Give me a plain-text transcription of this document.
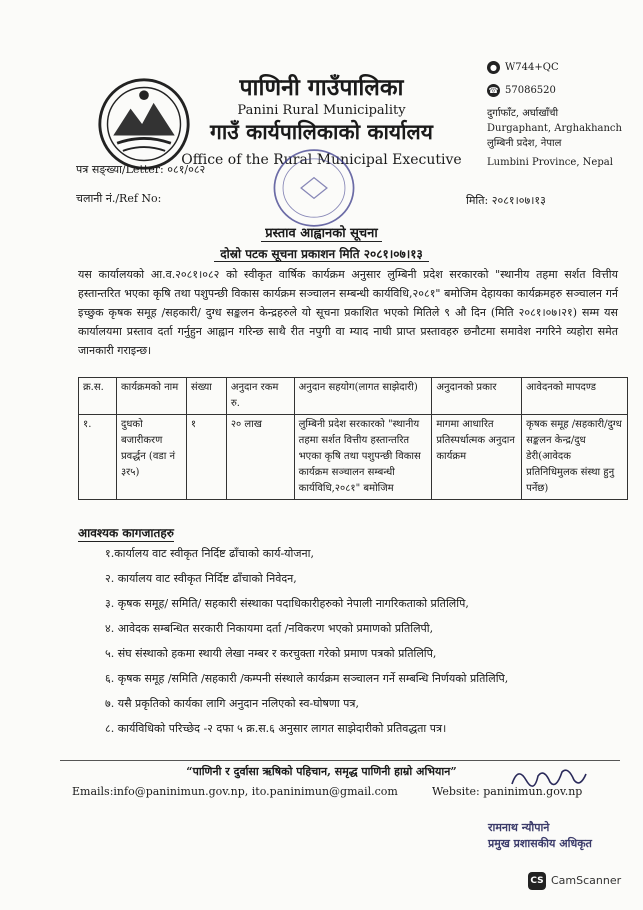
पाणिनी गाउँपालिका
Panini Rural Municipality
गाउँ कार्यपालिकाको कार्यालय
Office of the Rural Municipal Executive
● W744+QC
☎ 57086520
दुर्गाफाँट, अर्घाखाँची
Durgaphant, Arghakhanch
लुम्बिनी प्रदेश, नेपाल
Lumbini Province, Nepal
पत्र सङ्ख्या/Letter: ०८१/०८२
चलानी नं./Ref No:	मिति: २०८१।०७।१३
प्रस्ताव आह्वानको सूचना
दोस्रो पटक सूचना प्रकाशन मिति २०८१।०७।१३
यस कार्यालयको आ.व.२०८१।०८२ को स्वीकृत वार्षिक कार्यक्रम अनुसार लुम्बिनी प्रदेश सरकारको "स्थानीय तहमा सर्शत वित्तीय हस्तान्तरित भएका कृषि तथा पशुपन्छी विकास कार्यक्रम सञ्चालन सम्बन्धी कार्यविधि,२०८१" बमोजिम देहायका कार्यक्रमहरु सञ्चालन गर्न इच्छुक कृषक समूह /सहकारी/ दुग्ध सङ्कलन केन्द्रहरुले यो सूचना प्रकाशित भएको मितिले ९ औ दिन (मिति २०८१।०७।२१) सम्म यस कार्यालयमा प्रस्ताव दर्ता गर्नुहुन आह्वान गरिन्छ साथै रीत नपुगी वा म्याद नाघी प्राप्त प्रस्तावहरु छनौटमा समावेश नगरिने व्यहोरा समेत जानकारी गराइन्छ।
क्र.स.	कार्यक्रमको नाम	संख्या	अनुदान रकम रु.	अनुदान सहयोग(लागत साझेदारी)	अनुदानको प्रकार	आवेदनको मापदण्ड
१.	दुधको बजारीकरण प्रवर्द्धन (वडा नं ३र५)	१	२० लाख	लुम्बिनी प्रदेश सरकारको "स्थानीय तहमा सर्शत वित्तीय हस्तान्तरित भएका कृषि तथा पशुपन्छी विकास कार्यक्रम सञ्चालन सम्बन्धी कार्यविधि,२०८१" बमोजिम	मागमा आधारित प्रतिस्पर्धात्मक अनुदान कार्यक्रम	कृषक समूह /सहकारी/दुग्ध सङ्कलन केन्द्र/दुध डेरी(आवेदक प्रतिनिधिमुलक संस्था हुनु पर्नेछ)
आवश्यक कागजातहरु
१.कार्यालय वाट स्वीकृत निर्दिष्ट ढाँचाको कार्य-योजना,
२. कार्यालय वाट स्वीकृत निर्दिष्ट ढाँचाको निवेदन,
३. कृषक समूह/ समिति/ सहकारी संस्थाका पदाधिकारीहरुको नेपाली नागरिकताको प्रतिलिपि,
४. आवेदक सम्बन्धित सरकारी निकायमा दर्ता /नविकरण भएको प्रमाणको प्रतिलिपी,
५. संघ संस्थाको हकमा स्थायी लेखा नम्बर र करचुक्ता गरेको प्रमाण पत्रको प्रतिलिपि,
६. कृषक समूह /समिति /सहकारी /कम्पनी संस्थाले कार्यक्रम सञ्चालन गर्ने सम्बन्धि निर्णयको प्रतिलिपि,
७. यसै प्रकृतिको कार्यका लागि अनुदान नलिएको स्व-घोषणा पत्र,
८. कार्यविधिको परिच्छेद -२ दफा ५ क्र.स.६ अनुसार लागत साझेदारीको प्रतिवद्धता पत्र।
“पाणिनी र दुर्वासा ऋषिको पहिचान, समृद्ध पाणिनी हाम्रो अभियान”
Emails:info@paninimun.gov.np, ito.paninimun@gmail.com	Website: paninimun.gov.np
रामनाथ न्यौपाने
प्रमुख प्रशासकीय अधिकृत
CS CamScanner
